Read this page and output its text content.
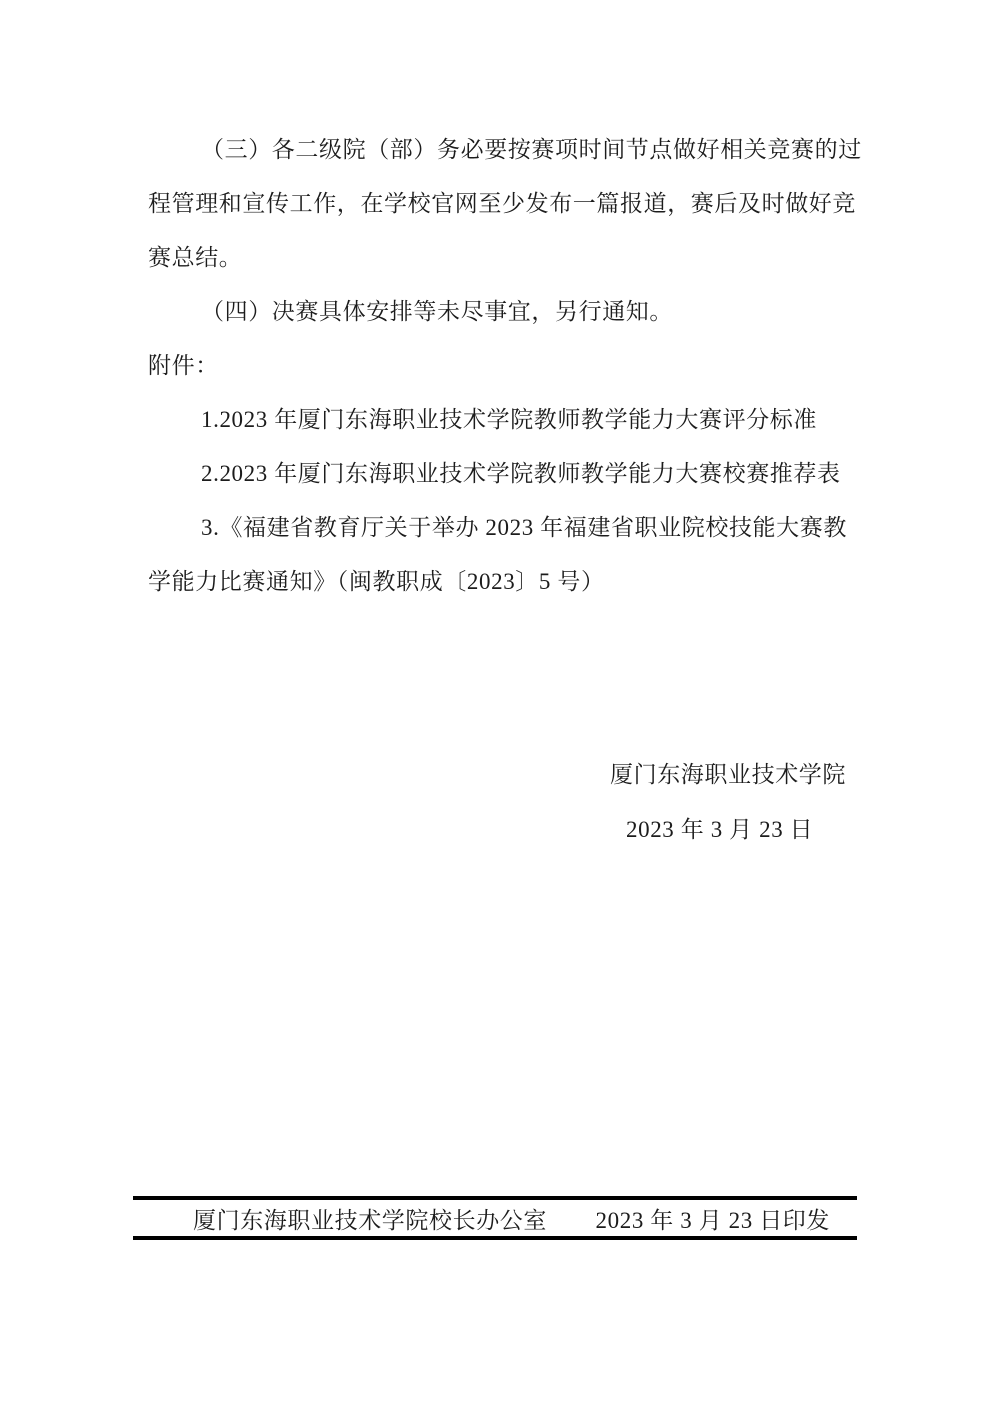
（三）各二级院（部）务必要按赛项时间节点做好相关竞赛的过
程管理和宣传工作，在学校官网至少发布一篇报道，赛后及时做好竞
赛总结。
（四）决赛具体安排等未尽事宜，另行通知。
附件：
1.2023 年厦门东海职业技术学院教师教学能力大赛评分标准
2.2023 年厦门东海职业技术学院教师教学能力大赛校赛推荐表
3.《福建省教育厅关于举办 2023 年福建省职业院校技能大赛教
学能力比赛通知》（闽教职成〔2023〕5 号）
厦门东海职业技术学院
2023 年 3 月 23 日
厦门东海职业技术学院校长办公室 2023 年 3 月 23 日印发
